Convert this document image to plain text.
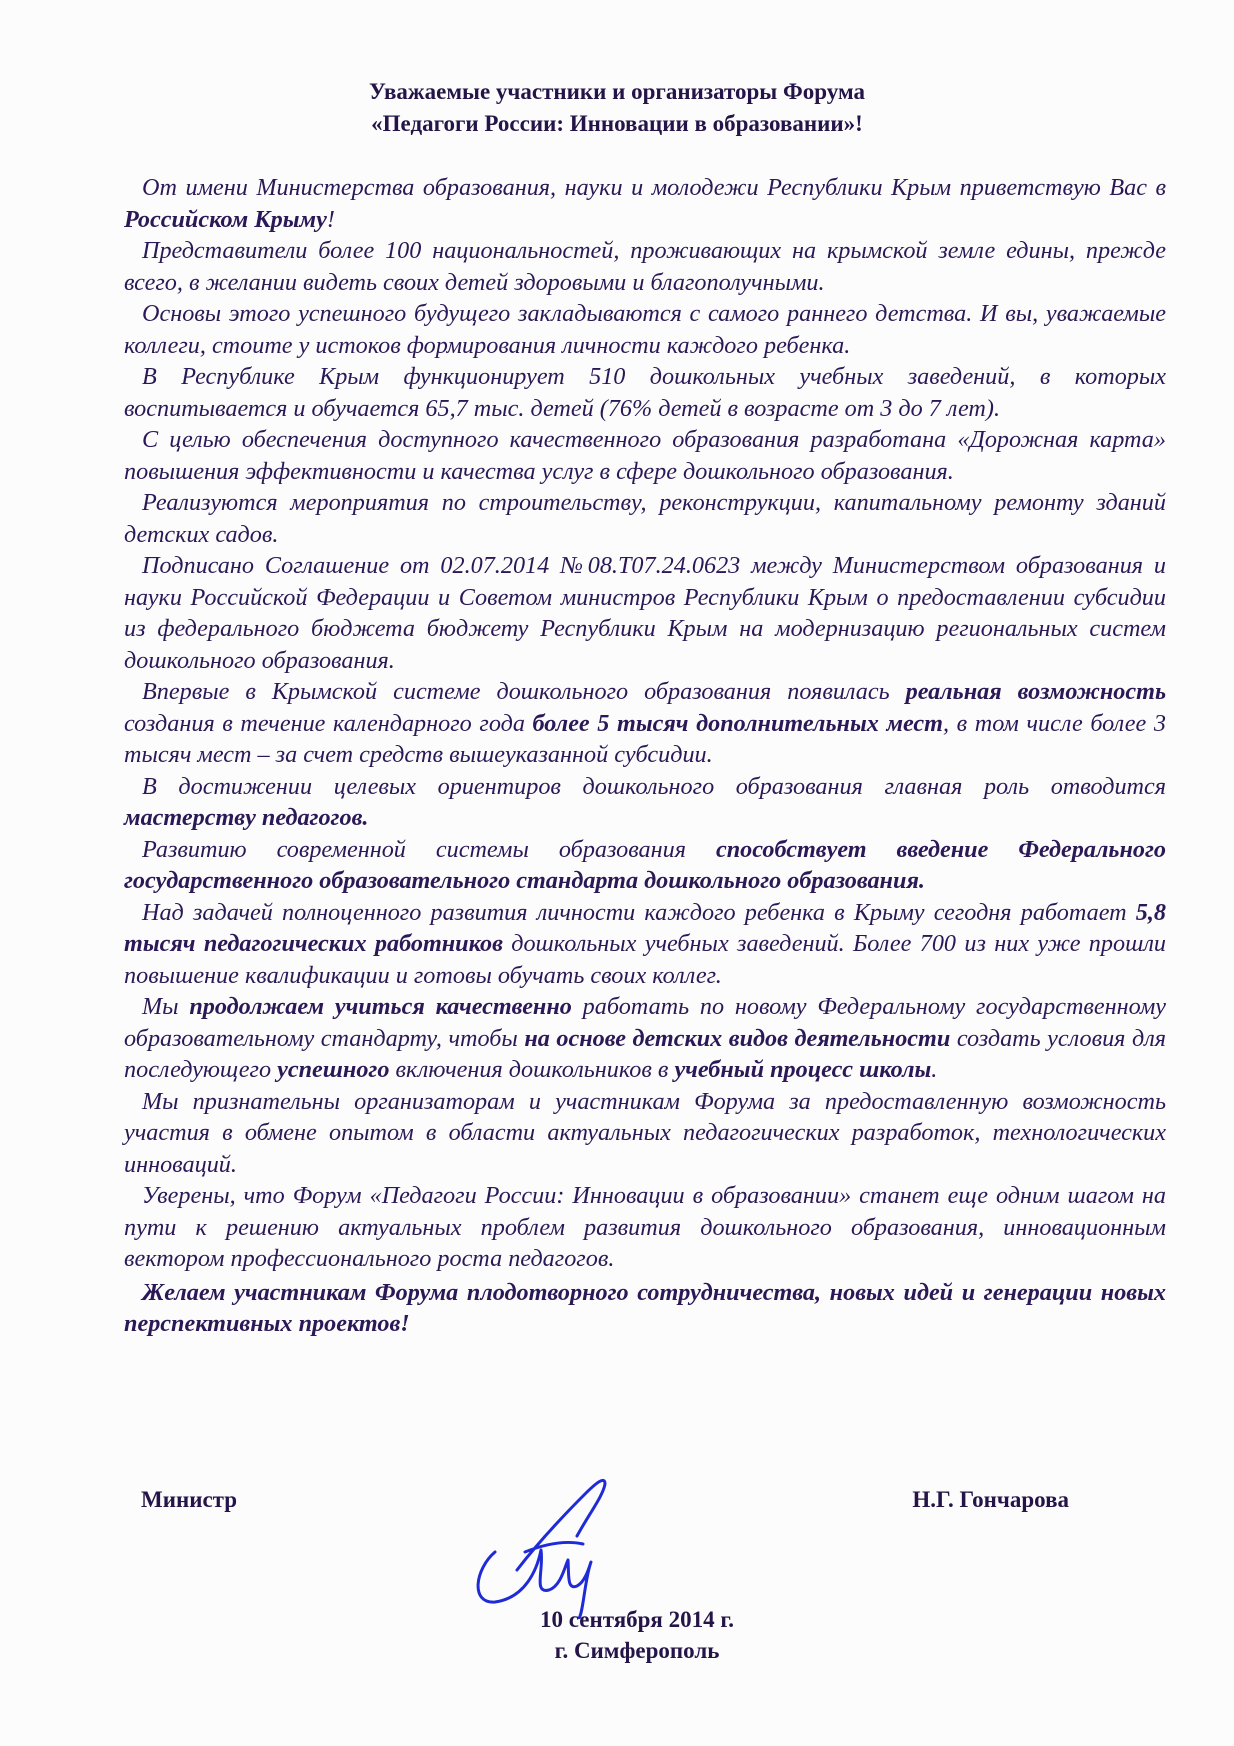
Уважаемые участники и организаторы Форума
«Педагоги России: Инновации в образовании»!

От имени Министерства образования, науки и молодежи Республики Крым приветствую Вас в Российском Крыму!

Представители более 100 национальностей, проживающих на крымской земле едины, прежде всего, в желании видеть своих детей здоровыми и благополучными.

Основы этого успешного будущего закладываются с самого раннего детства. И вы, уважаемые коллеги, стоите у истоков формирования личности каждого ребенка.

В Республике Крым функционирует 510 дошкольных учебных заведений, в которых воспитывается и обучается 65,7 тыс. детей (76% детей в возрасте от 3 до 7 лет).

С целью обеспечения доступного качественного образования разработана «Дорожная карта» повышения эффективности и качества услуг в сфере дошкольного образования.

Реализуются мероприятия по строительству, реконструкции, капитальному ремонту зданий детских садов.

Подписано Соглашение от 02.07.2014 №08.Т07.24.0623 между Министерством образования и науки Российской Федерации и Советом министров Республики Крым о предоставлении субсидии из федерального бюджета бюджету Республики Крым на модернизацию региональных систем дошкольного образования.

Впервые в Крымской системе дошкольного образования появилась реальная возможность создания в течение календарного года более 5 тысяч дополнительных мест, в том числе более 3 тысяч мест – за счет средств вышеуказанной субсидии.

В достижении целевых ориентиров дошкольного образования главная роль отводится мастерству педагогов.

Развитию современной системы образования способствует введение Федерального государственного образовательного стандарта дошкольного образования.

Над задачей полноценного развития личности каждого ребенка в Крыму сегодня работает 5,8 тысяч педагогических работников дошкольных учебных заведений. Более 700 из них уже прошли повышение квалификации и готовы обучать своих коллег.

Мы продолжаем учиться качественно работать по новому Федеральному государственному образовательному стандарту, чтобы на основе детских видов деятельности создать условия для последующего успешного включения дошкольников в учебный процесс школы.

Мы признательны организаторам и участникам Форума за предоставленную возможность участия в обмене опытом в области актуальных педагогических разработок, технологических инноваций.

Уверены, что Форум «Педагоги России: Инновации в образовании» станет еще одним шагом на пути к решению актуальных проблем развития дошкольного образования, инновационным вектором профессионального роста педагогов.

Желаем участникам Форума плодотворного сотрудничества, новых идей и генерации новых перспективных проектов!

Министр	Н.Г. Гончарова
10 сентября 2014 г.
г. Симферополь
